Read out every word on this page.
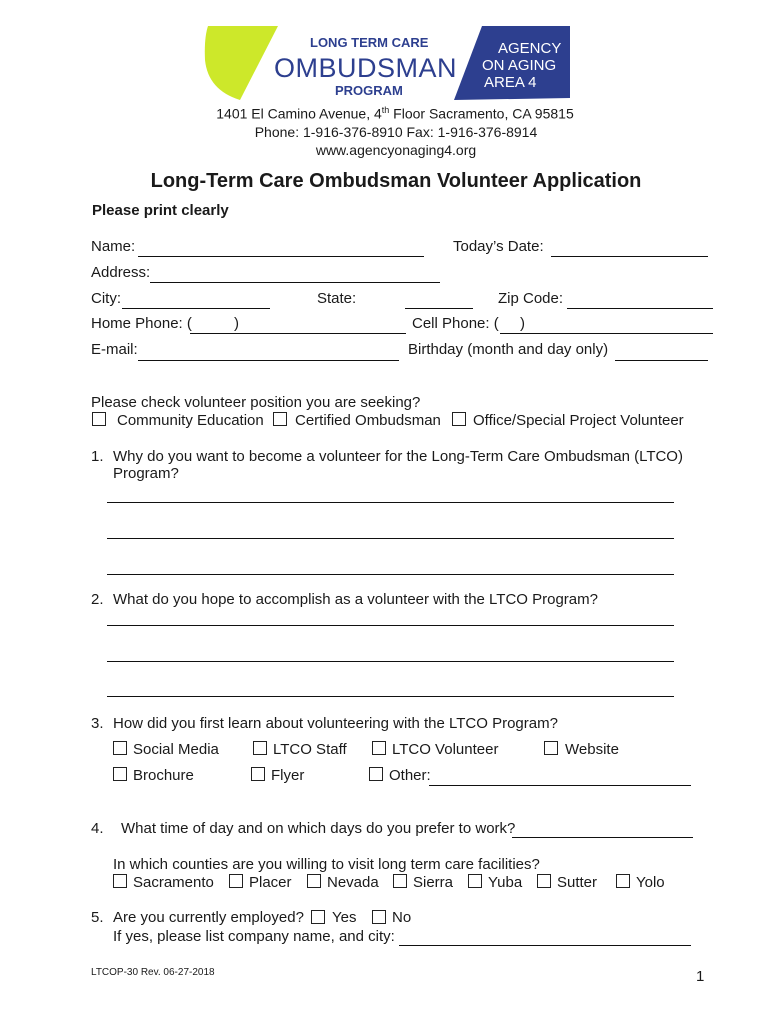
LONG TERM CARE
OMBUDSMAN
PROGRAM
AGENCY
ON AGING
AREA 4
1401 El Camino Avenue, 4th Floor Sacramento, CA 95815
Phone: 1-916-376-8910 Fax: 1-916-376-8914
www.agencyonaging4.org
Long-Term Care Ombudsman Volunteer Application
Please print clearly
Name:	Today’s Date:
Address:
City:	State:	Zip Code:
Home Phone: (	)	Cell Phone: ( )
E-mail:	Birthday (month and day only)
Please check volunteer position you are seeking?
Community Education Certified Ombudsman Office/Special Project Volunteer
1. Why do you want to become a volunteer for the Long-Term Care Ombudsman (LTCO)
Program?
2. What do you hope to accomplish as a volunteer with the LTCO Program?
3. How did you first learn about volunteering with the LTCO Program?
Social Media	LTCO Staff	LTCO Volunteer	Website
Brochure	Flyer	Other:
4. What time of day and on which days do you prefer to work?
In which counties are you willing to visit long term care facilities?
Sacramento Placer Nevada Sierra Yuba Sutter	Yolo
5. Are you currently employed? Yes No
If yes, please list company name, and city:
LTCOP-30 Rev. 06-27-2018	1
